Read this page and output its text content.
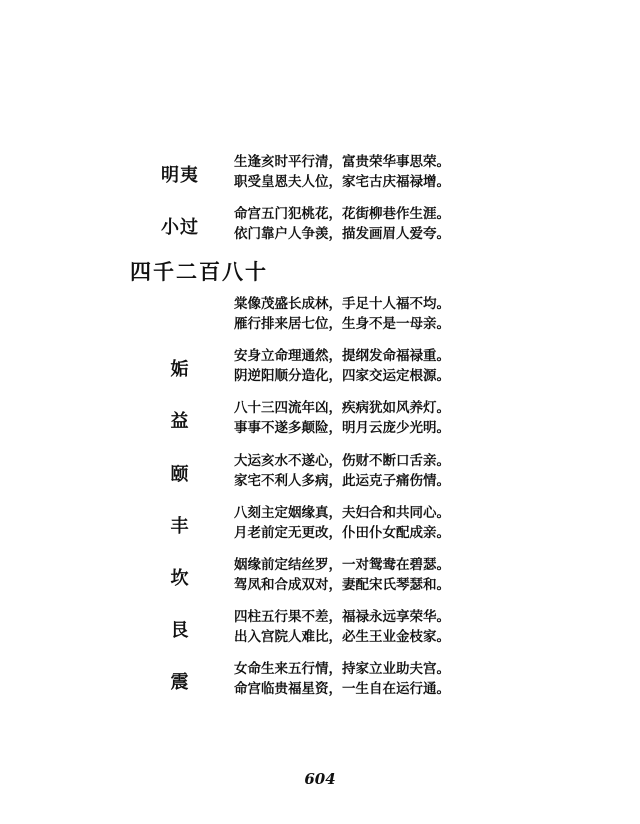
明夷
生逢亥时平行清，富贵荣华事思荣。
职受皇恩夫人位，家宅古庆福禄增。
小过
命宫五门犯桃花，花街柳巷作生涯。
依门靠户人争羡，描发画眉人爱夸。
四千二百八十
棠像茂盛长成林，手足十人福不均。
雁行排来居七位，生身不是一母亲。
姤
安身立命理通然，提纲发命福禄重。
阴逆阳顺分造化，四家交运定根源。
益
八十三四流年凶，疾病犹如风养灯。
事事不遂多颠险，明月云庞少光明。
颐
大运亥水不遂心，伤财不断口舌亲。
家宅不利人多病，此运克子痛伤情。
丰
八刻主定姻缘真，夫妇合和共同心。
月老前定无更改，仆田仆女配成亲。
坎
姻缘前定结丝罗，一对鸳鸯在碧瑟。
驾凤和合成双对，妻配宋氏琴瑟和。
艮
四柱五行果不差，福禄永远享荣华。
出入宫院人难比，必生王业金枝家。
震
女命生来五行情，持家立业助夫宫。
命宫临贵福星资，一生自在运行通。
604
